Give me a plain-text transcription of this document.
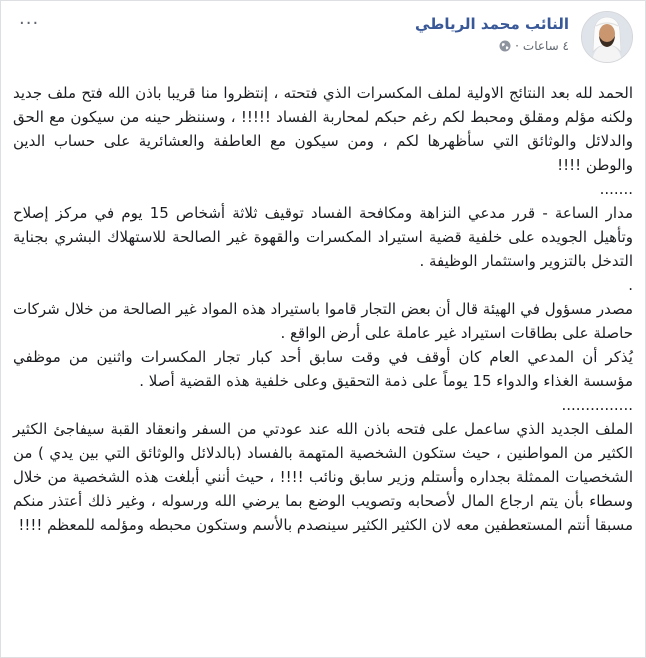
النائب محمد الرياطي
٤ ساعات
·
···

الحمد لله بعد النتائج الاولية لملف المكسرات الذي فتحته ، إنتظروا منا قريبا باذن الله فتح ملف جديد ولكنه مؤلم ومقلق ومحبط لكم رغم حبكم لمحاربة الفساد !!!!! ، وسننظر حينه من سيكون مع الحق والدلائل والوثائق التي سأظهرها لكم ، ومن سيكون مع العاطفة والعشائرية على حساب الدين والوطن !!!!

.......

مدار الساعة - قرر مدعي النزاهة ومكافحة الفساد توقيف ثلاثة أشخاص 15 يوم في مركز إصلاح وتأهيل الجويده على خلفية قضية استيراد المكسرات والقهوة غير الصالحة للاستهلاك البشري بجناية التدخل بالتزوير واستثمار الوظيفة .

.

مصدر مسؤول في الهيئة قال أن بعض التجار قاموا باستيراد هذه المواد غير الصالحة من خلال شركات حاصلة على بطاقات استيراد غير عاملة على أرض الواقع .

يُذكر أن المدعي العام كان أوقف في وقت سابق أحد كبار تجار المكسرات واثنين من موظفي مؤسسة الغذاء والدواء 15 يوماً على ذمة التحقيق وعلى خلفية هذه القضية أصلا .

...............

الملف الجديد الذي ساعمل على فتحه باذن الله عند عودتي من السفر وانعقاد القبة سيفاجئ الكثير الكثير من المواطنين ، حيث ستكون الشخصية المتهمة بالفساد (بالدلائل والوثائق التي بين يدي ) من الشخصيات الممثلة بجداره وأستلم وزير سابق ونائب !!!! ، حيث أنني أبلغت هذه الشخصية من خلال وسطاء بأن يتم ارجاع المال لأصحابه وتصويب الوضع بما يرضي الله ورسوله ، وغير ذلك أعتذر منكم مسبقا أنتم المستعطفين معه لان الكثير الكثير سينصدم بالأسم وستكون محبطه ومؤلمه للمعظم !!!!
